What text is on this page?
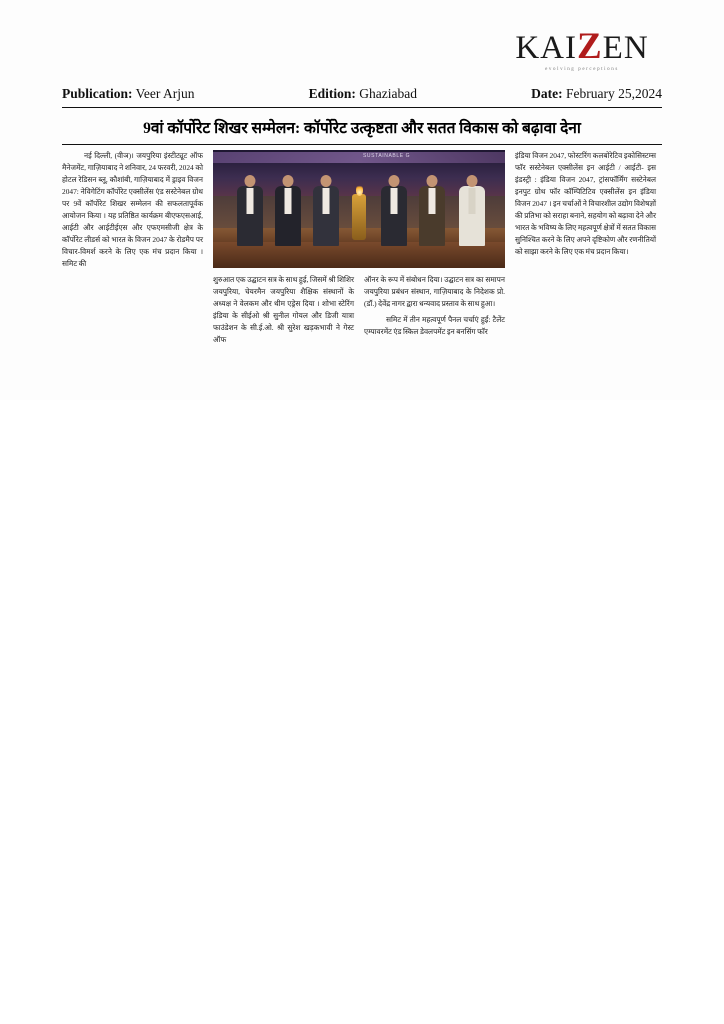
KAIZEN
evolving perceptions
Publication: Veer Arjun	Edition: Ghaziabad	Date: February 25,2024
9वां कॉर्पोरेट शिखर सम्मेलन: कॉर्पोरेट उत्कृष्टता और सतत विकास को बढ़ावा देना

नई दिल्ली, (वीञ)। जयपुरिया इंस्टीट्यूट ऑफ मैनेजमेंट, गाज़ियाबाद ने शनिवार, 24 फरवरी, 2024 को होटल रेडिसन ब्लू, कौशांबी, गाज़ियाबाद में ड्राइव विजन 2047: नेविगेटिंग कॉर्पोरेट एक्सीलेंस एंड सस्टेनेबल ग्रोथ पर 9वें कॉर्पोरेट शिखर सम्मेलन की सफलतापूर्वक आयोजन किया । यह प्रतिष्ठित कार्यक्रम बीएफएसआई, आईटी और आईटीईएस और एफएमसीजी क्षेत्र के कॉर्पोरेट लीडर्स को भारत के विजन 2047 के रोडमैप पर विचार-विमर्श करने के लिए एक मंच प्रदान किया । समिट की

SUSTAINABLE G

शुरुआत एक उद्घाटन सत्र के साथ हुई, जिसमें श्री शिशिर जयपुरिया, चेयरमैन जयपुरिया शैक्षिक संस्थानों के अध्यक्ष ने वेलकम और थीम एड्रेस दिया । शोभा स्टेरिंग इंडिया के सीईओ श्री सुनील गोयल और डिजी यात्रा फाउंडेशन के सी.ई.ओ. श्री सुरेश खड़कभावी ने गेस्ट ऑफ

ऑनर के रूप में संबोधन दिया। उद्घाटन सत्र का समापन जयपुरिया प्रबंधन संस्थान, गाज़ियाबाद के निदेशक प्रो. (डॉ.) देवेंद्र नागर द्वारा धन्यवाद प्रस्ताव के साथ हुआ।

समिट में तीन महत्वपूर्ण पैनल चर्चाएं हुईं: टैलेंट एम्पावरमेंट एंड स्किल डेवलपमेंट इन बनसिंग फॉर

इंडिया विजन 2047, फोस्टरिंग कलबोरेटिव इकोसिस्टम्स फॉर सस्टेनेबल एक्सीलेंस इन आईटी / आईटी- इस इंडस्ट्री : इंडिया विजन 2047, ट्रांसफॉर्मिंग सस्टेनेबल इनपुट ग्रोथ फॉर कॉम्पिटिटिव एक्सीलेंस इन इंडिया विजन 2047 । इन चर्चाओं ने विचारशील उद्योग विशेषज्ञों की प्रतिभा को सराहा बनाने, सहयोग को बढ़ावा देने और भारत के भविष्य के लिए महत्वपूर्ण क्षेत्रों में सतत विकास सुनिश्चित करने के लिए अपने दृष्टिकोण और रणनीतियों को साझा करने के लिए एक मंच प्रदान किया।
